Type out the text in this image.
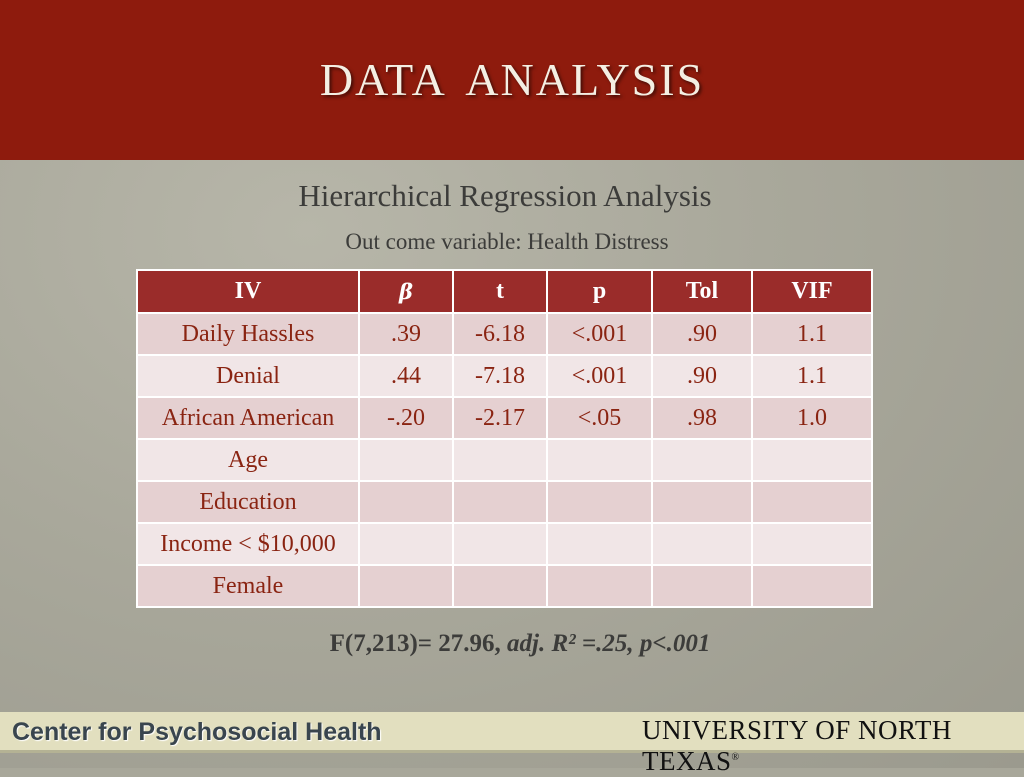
data analysis
Hierarchical Regression Analysis
Out come variable: Health Distress
IV	β	t	p	Tol	VIF
Daily Hassles	.39	-6.18	<.001	.90	1.1
Denial	.44	-7.18	<.001	.90	1.1
African American	-.20	-2.17	<.05	.98	1.0
Age					
Education					
Income < $10,000					
Female					
F(7,213)= 27.96, adj. R² =.25, p<.001
Center for Psychosocial Health	UNIVERSITY OF NORTH TEXAS®
